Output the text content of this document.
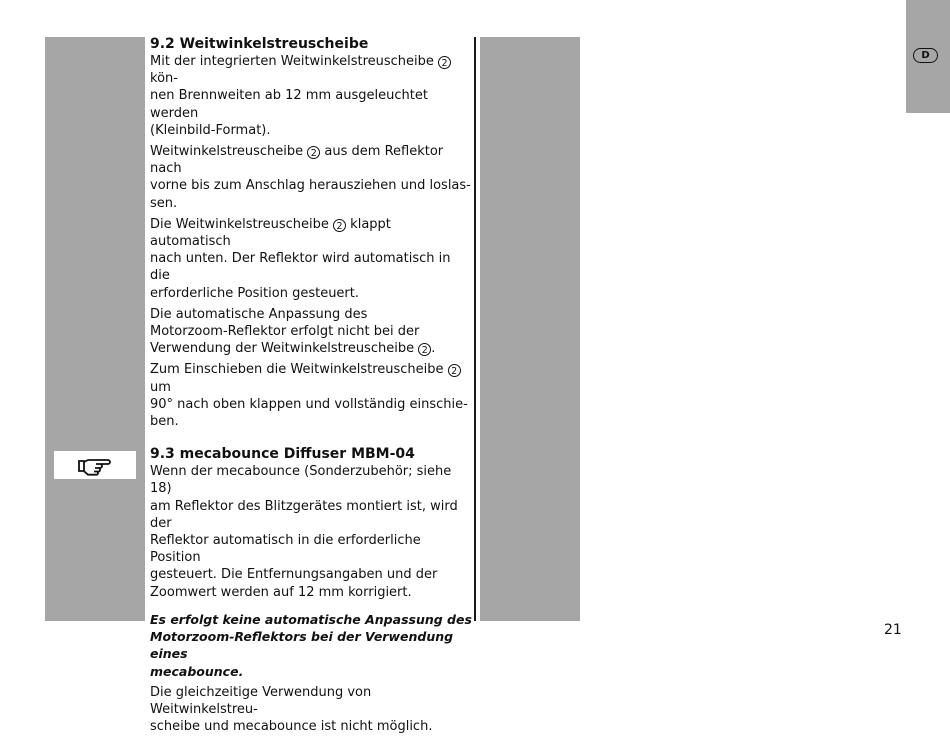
D
9.2 Weitwinkelstreuscheibe

Mit der integrierten Weitwinkelstreuscheibe 2 kön-
nen Brennweiten ab 12 mm ausgeleuchtet werden
(Kleinbild-Format).

Weitwinkelstreuscheibe 2 aus dem Reflektor nach
vorne bis zum Anschlag herausziehen und loslas-
sen.

Die Weitwinkelstreuscheibe 2 klappt automatisch
nach unten. Der Reflektor wird automatisch in die
erforderliche Position gesteuert.

Die automatische Anpassung des
Motorzoom-Reflektor erfolgt nicht bei der
Verwendung der Weitwinkelstreuscheibe 2 .

Zum Einschieben die Weitwinkelstreuscheibe 2 um
90° nach oben klappen und vollständig einschie-
ben.

9.3 mecabounce Diffuser MBM-04

Wenn der mecabounce (Sonderzubehör; siehe 18)
am Reflektor des Blitzgerätes montiert ist, wird der
Reflektor automatisch in die erforderliche Position
gesteuert. Die Entfernungsangaben und der
Zoomwert werden auf 12 mm korrigiert.

Es erfolgt keine automatische Anpassung des
Motorzoom-Reflektors bei der Verwendung eines
mecabounce.

Die gleichzeitige Verwendung von Weitwinkelstreu-
scheibe und mecabounce ist nicht möglich.

21
